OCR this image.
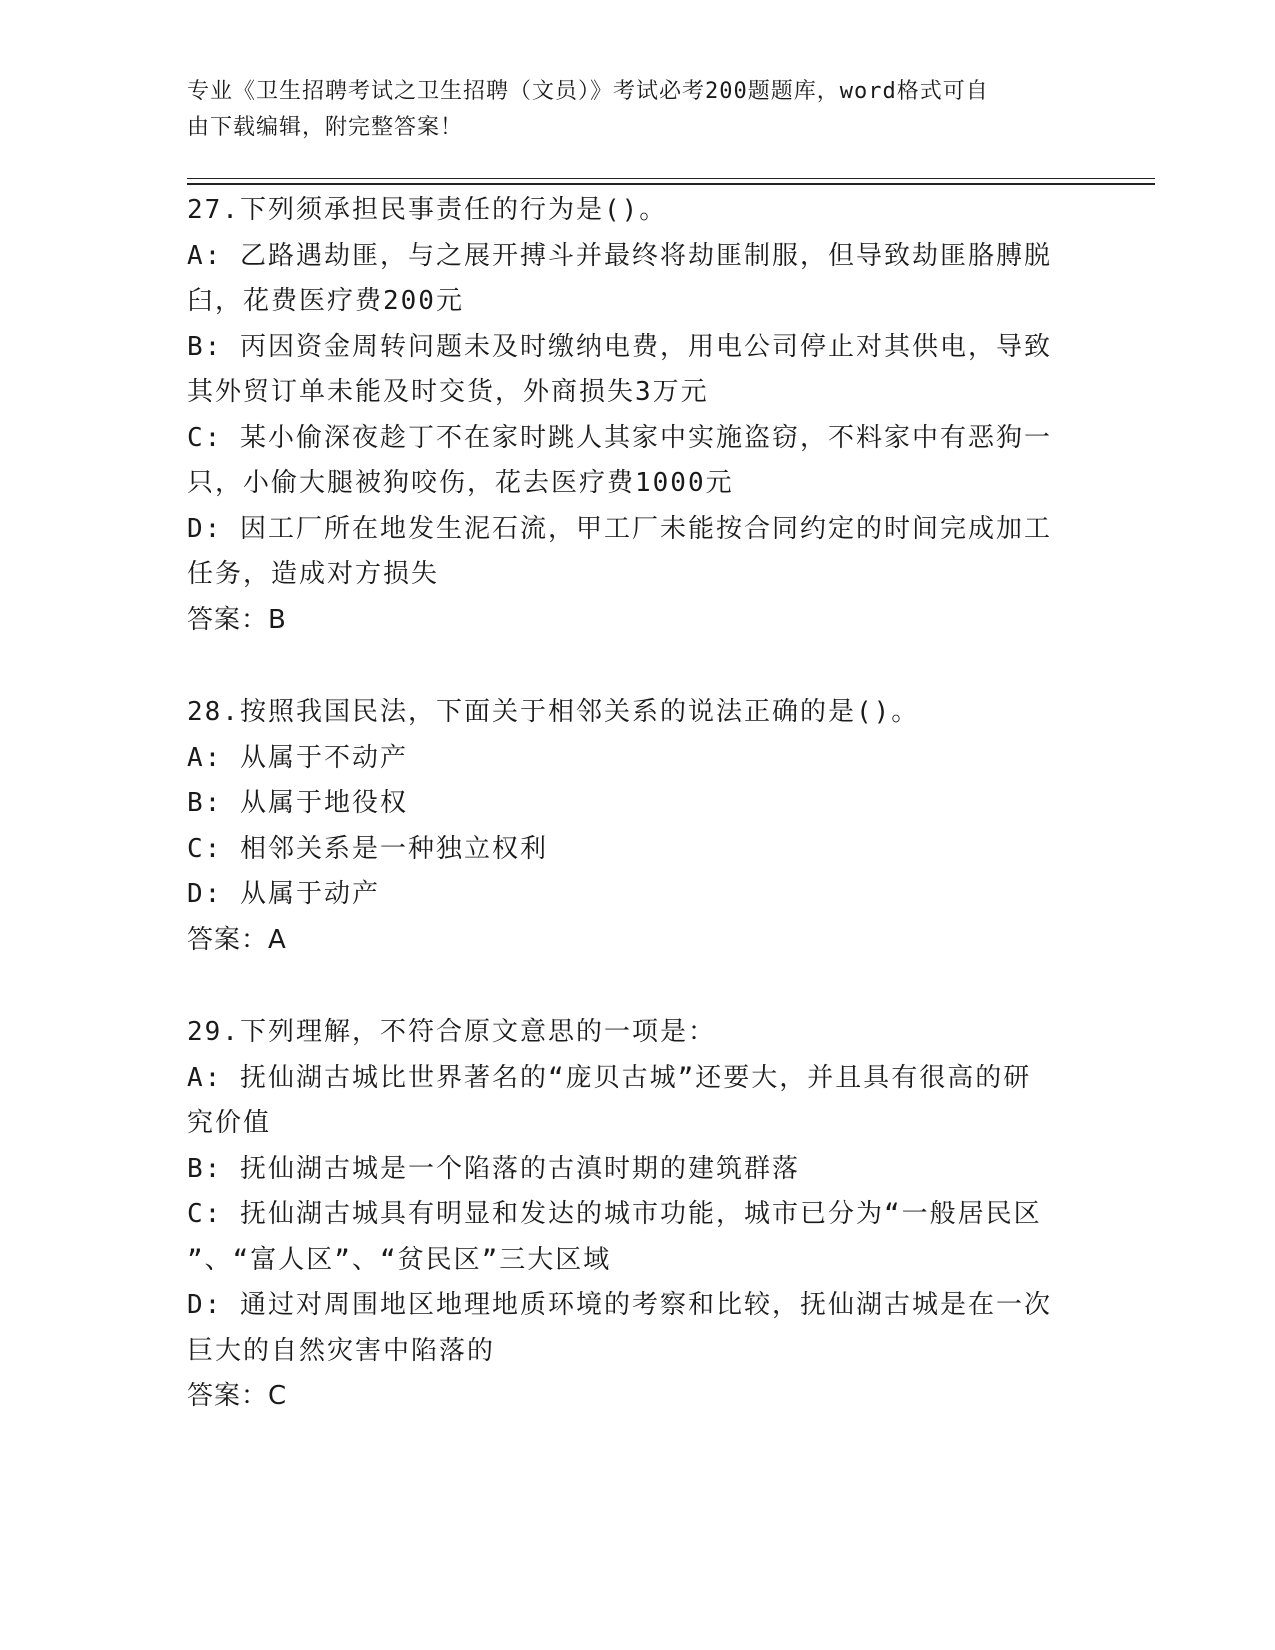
专业《卫生招聘考试之卫生招聘（文员）》考试必考200题题库，word格式可自
由下载编辑，附完整答案！
27.下列须承担民事责任的行为是()。
A: 乙路遇劫匪，与之展开搏斗并最终将劫匪制服，但导致劫匪胳膊脱
臼，花费医疗费200元
B: 丙因资金周转问题未及时缴纳电费，用电公司停止对其供电，导致
其外贸订单未能及时交货，外商损失3万元
C: 某小偷深夜趁丁不在家时跳人其家中实施盗窃，不料家中有恶狗一
只，小偷大腿被狗咬伤，花去医疗费1000元
D: 因工厂所在地发生泥石流，甲工厂未能按合同约定的时间完成加工
任务，造成对方损失
答案：B
28.按照我国民法，下面关于相邻关系的说法正确的是()。
A: 从属于不动产
B: 从属于地役权
C: 相邻关系是一种独立权利
D: 从属于动产
答案：A
29.下列理解，不符合原文意思的一项是：
A: 抚仙湖古城比世界著名的“庞贝古城”还要大，并且具有很高的研
究价值
B: 抚仙湖古城是一个陷落的古滇时期的建筑群落
C: 抚仙湖古城具有明显和发达的城市功能，城市已分为“一般居民区
”、“富人区”、“贫民区”三大区域
D: 通过对周围地区地理地质环境的考察和比较，抚仙湖古城是在一次
巨大的自然灾害中陷落的
答案：C
